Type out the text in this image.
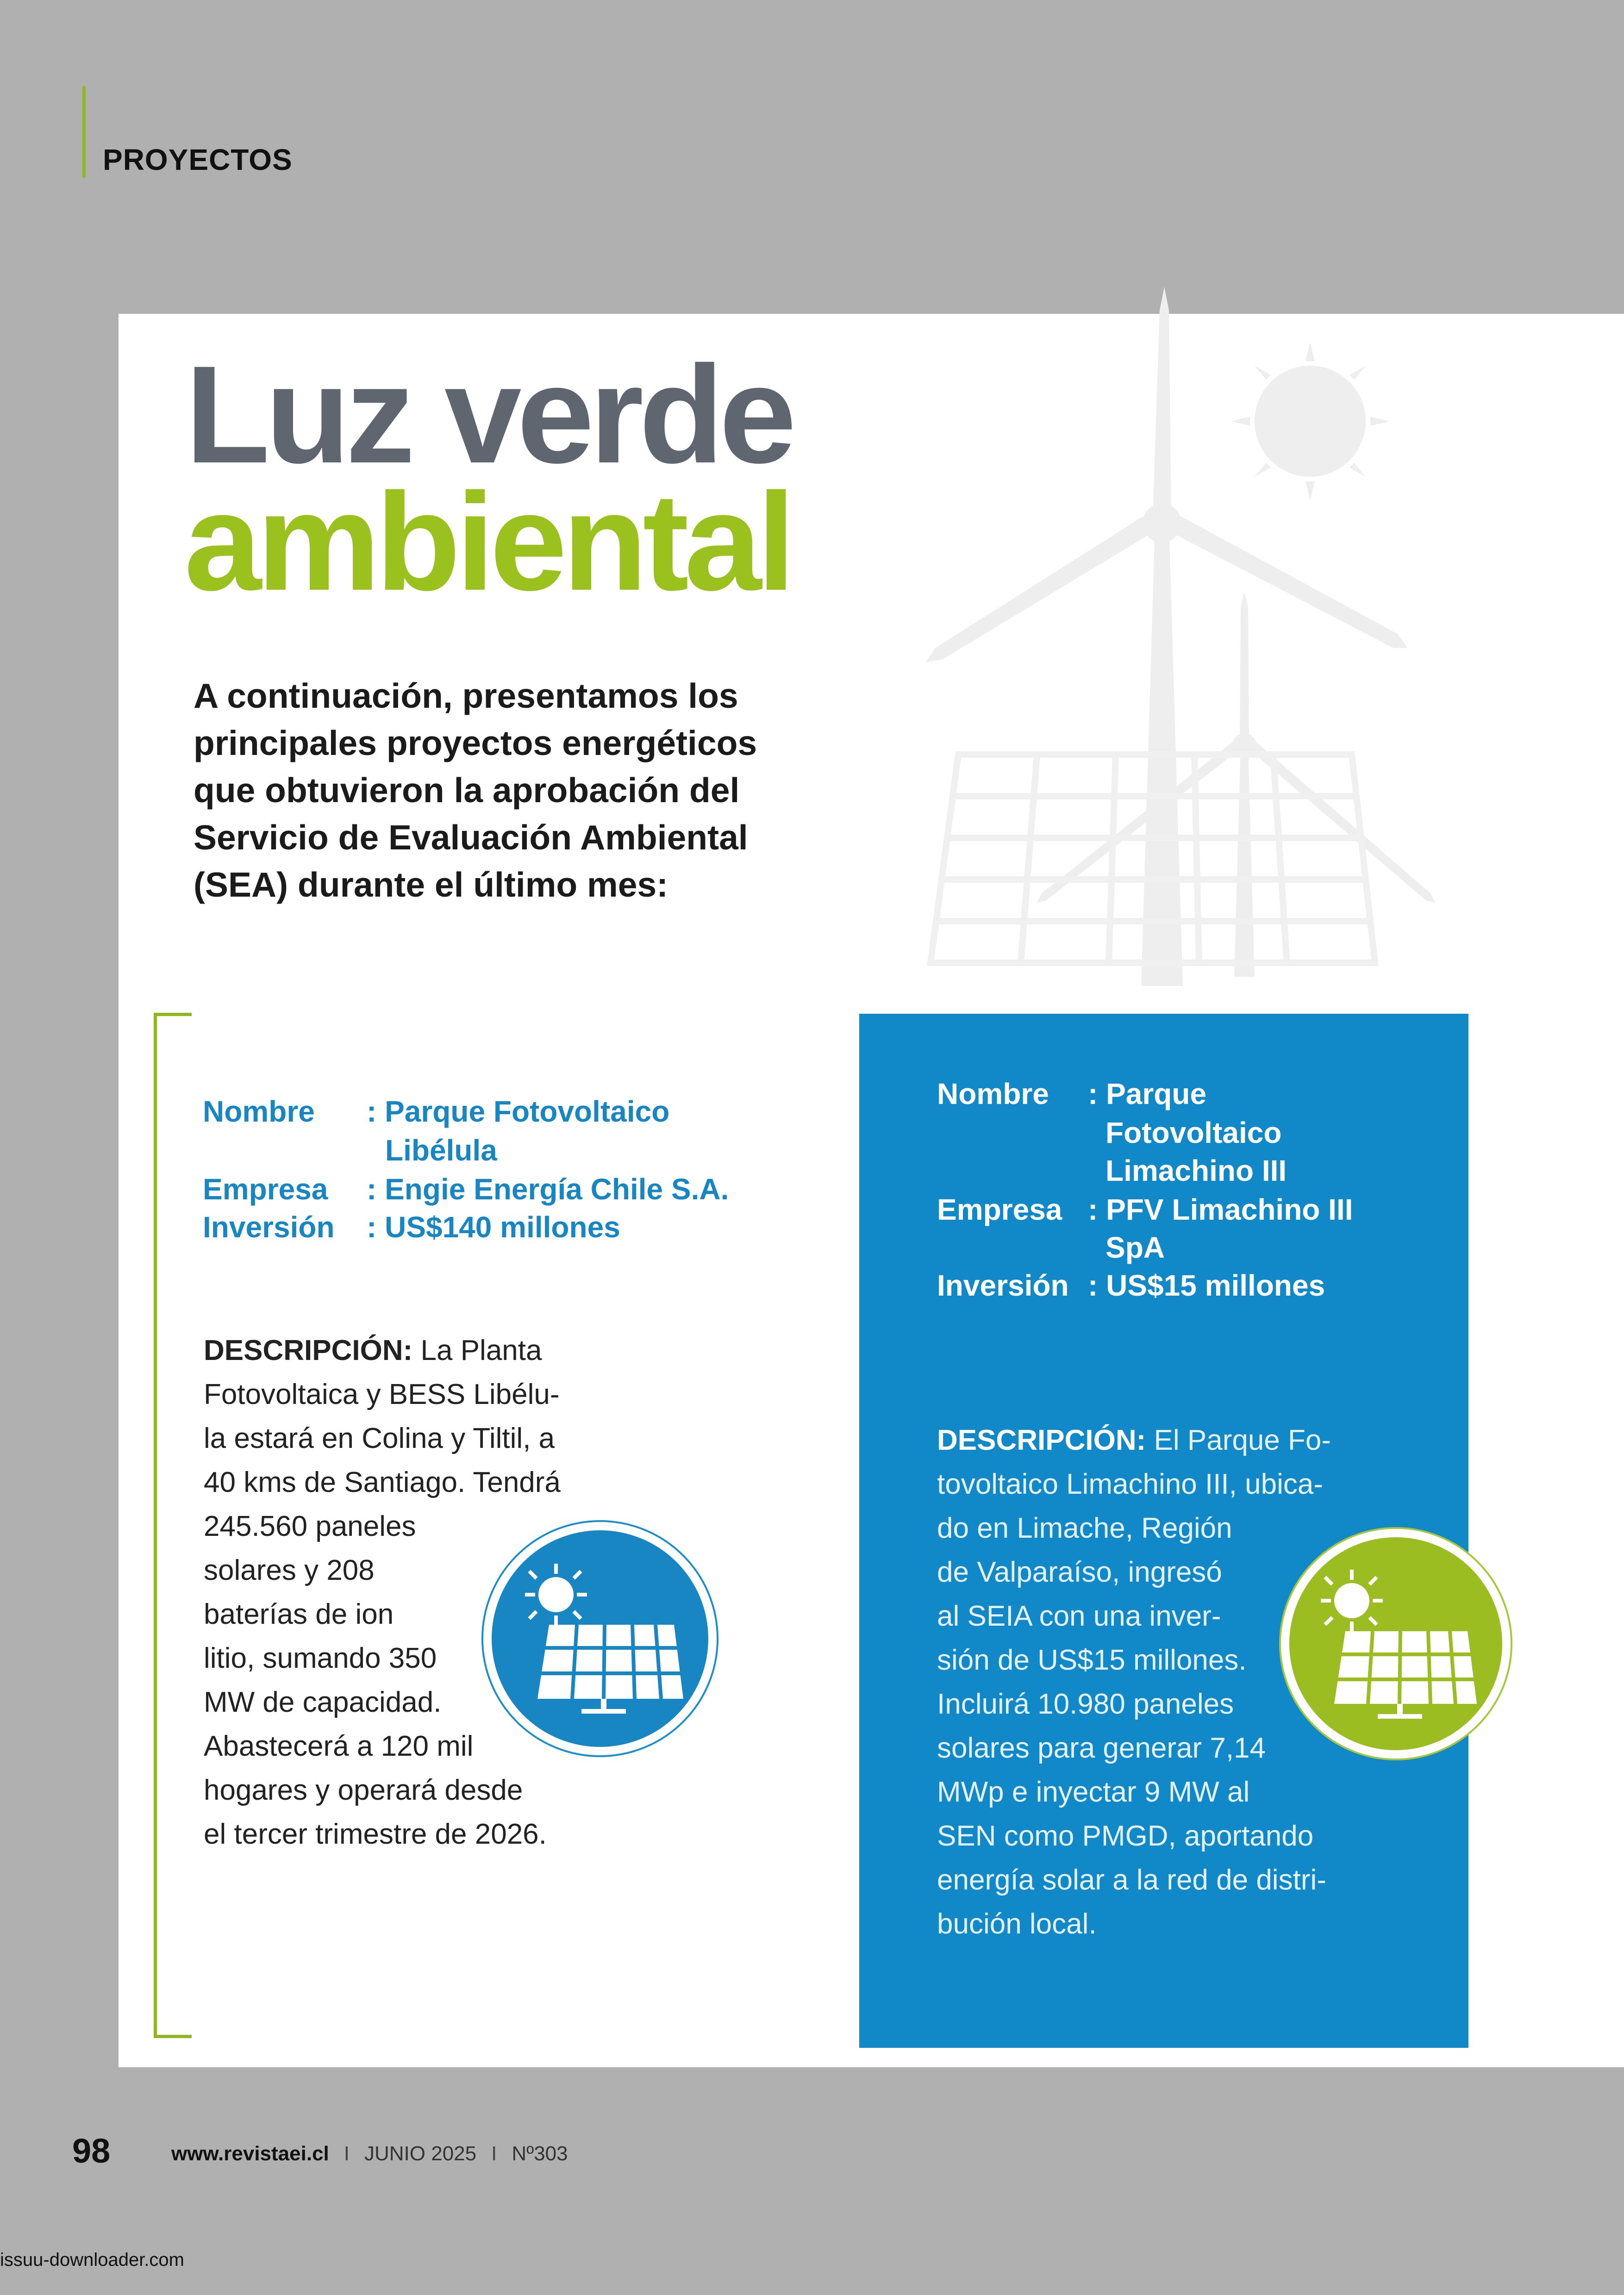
PROYECTOS
Luz verde
ambiental
A continuación, presentamos los
principales proyectos energéticos
que obtuvieron la aprobación del
Servicio de Evaluación Ambiental
(SEA) durante el último mes:
Nombre : Parque Fotovoltaico
Libélula
Empresa : Engie Energía Chile S.A.
Inversión : US$140 millones
DESCRIPCIÓN: La Planta
Fotovoltaica y BESS Libélu-
la estará en Colina y Tiltil, a
40 kms de Santiago. Tendrá
245.560 paneles
solares y 208
baterías de ion
litio, sumando 350
MW de capacidad.
Abastecerá a 120 mil
hogares y operará desde
el tercer trimestre de 2026.
Nombre : Parque
Fotovoltaico
Limachino III
Empresa : PFV Limachino III
SpA
Inversión : US$15 millones
DESCRIPCIÓN: El Parque Fo-
tovoltaico Limachino III, ubica-
do en Limache, Región
de Valparaíso, ingresó
al SEIA con una inver-
sión de US$15 millones.
Incluirá 10.980 paneles
solares para generar 7,14
MWp e inyectar 9 MW al
SEN como PMGD, aportando
energía solar a la red de distri-
bución local.
98	www.revistaei.cl I JUNIO 2025 I Nº303
issuu-downloader.com
